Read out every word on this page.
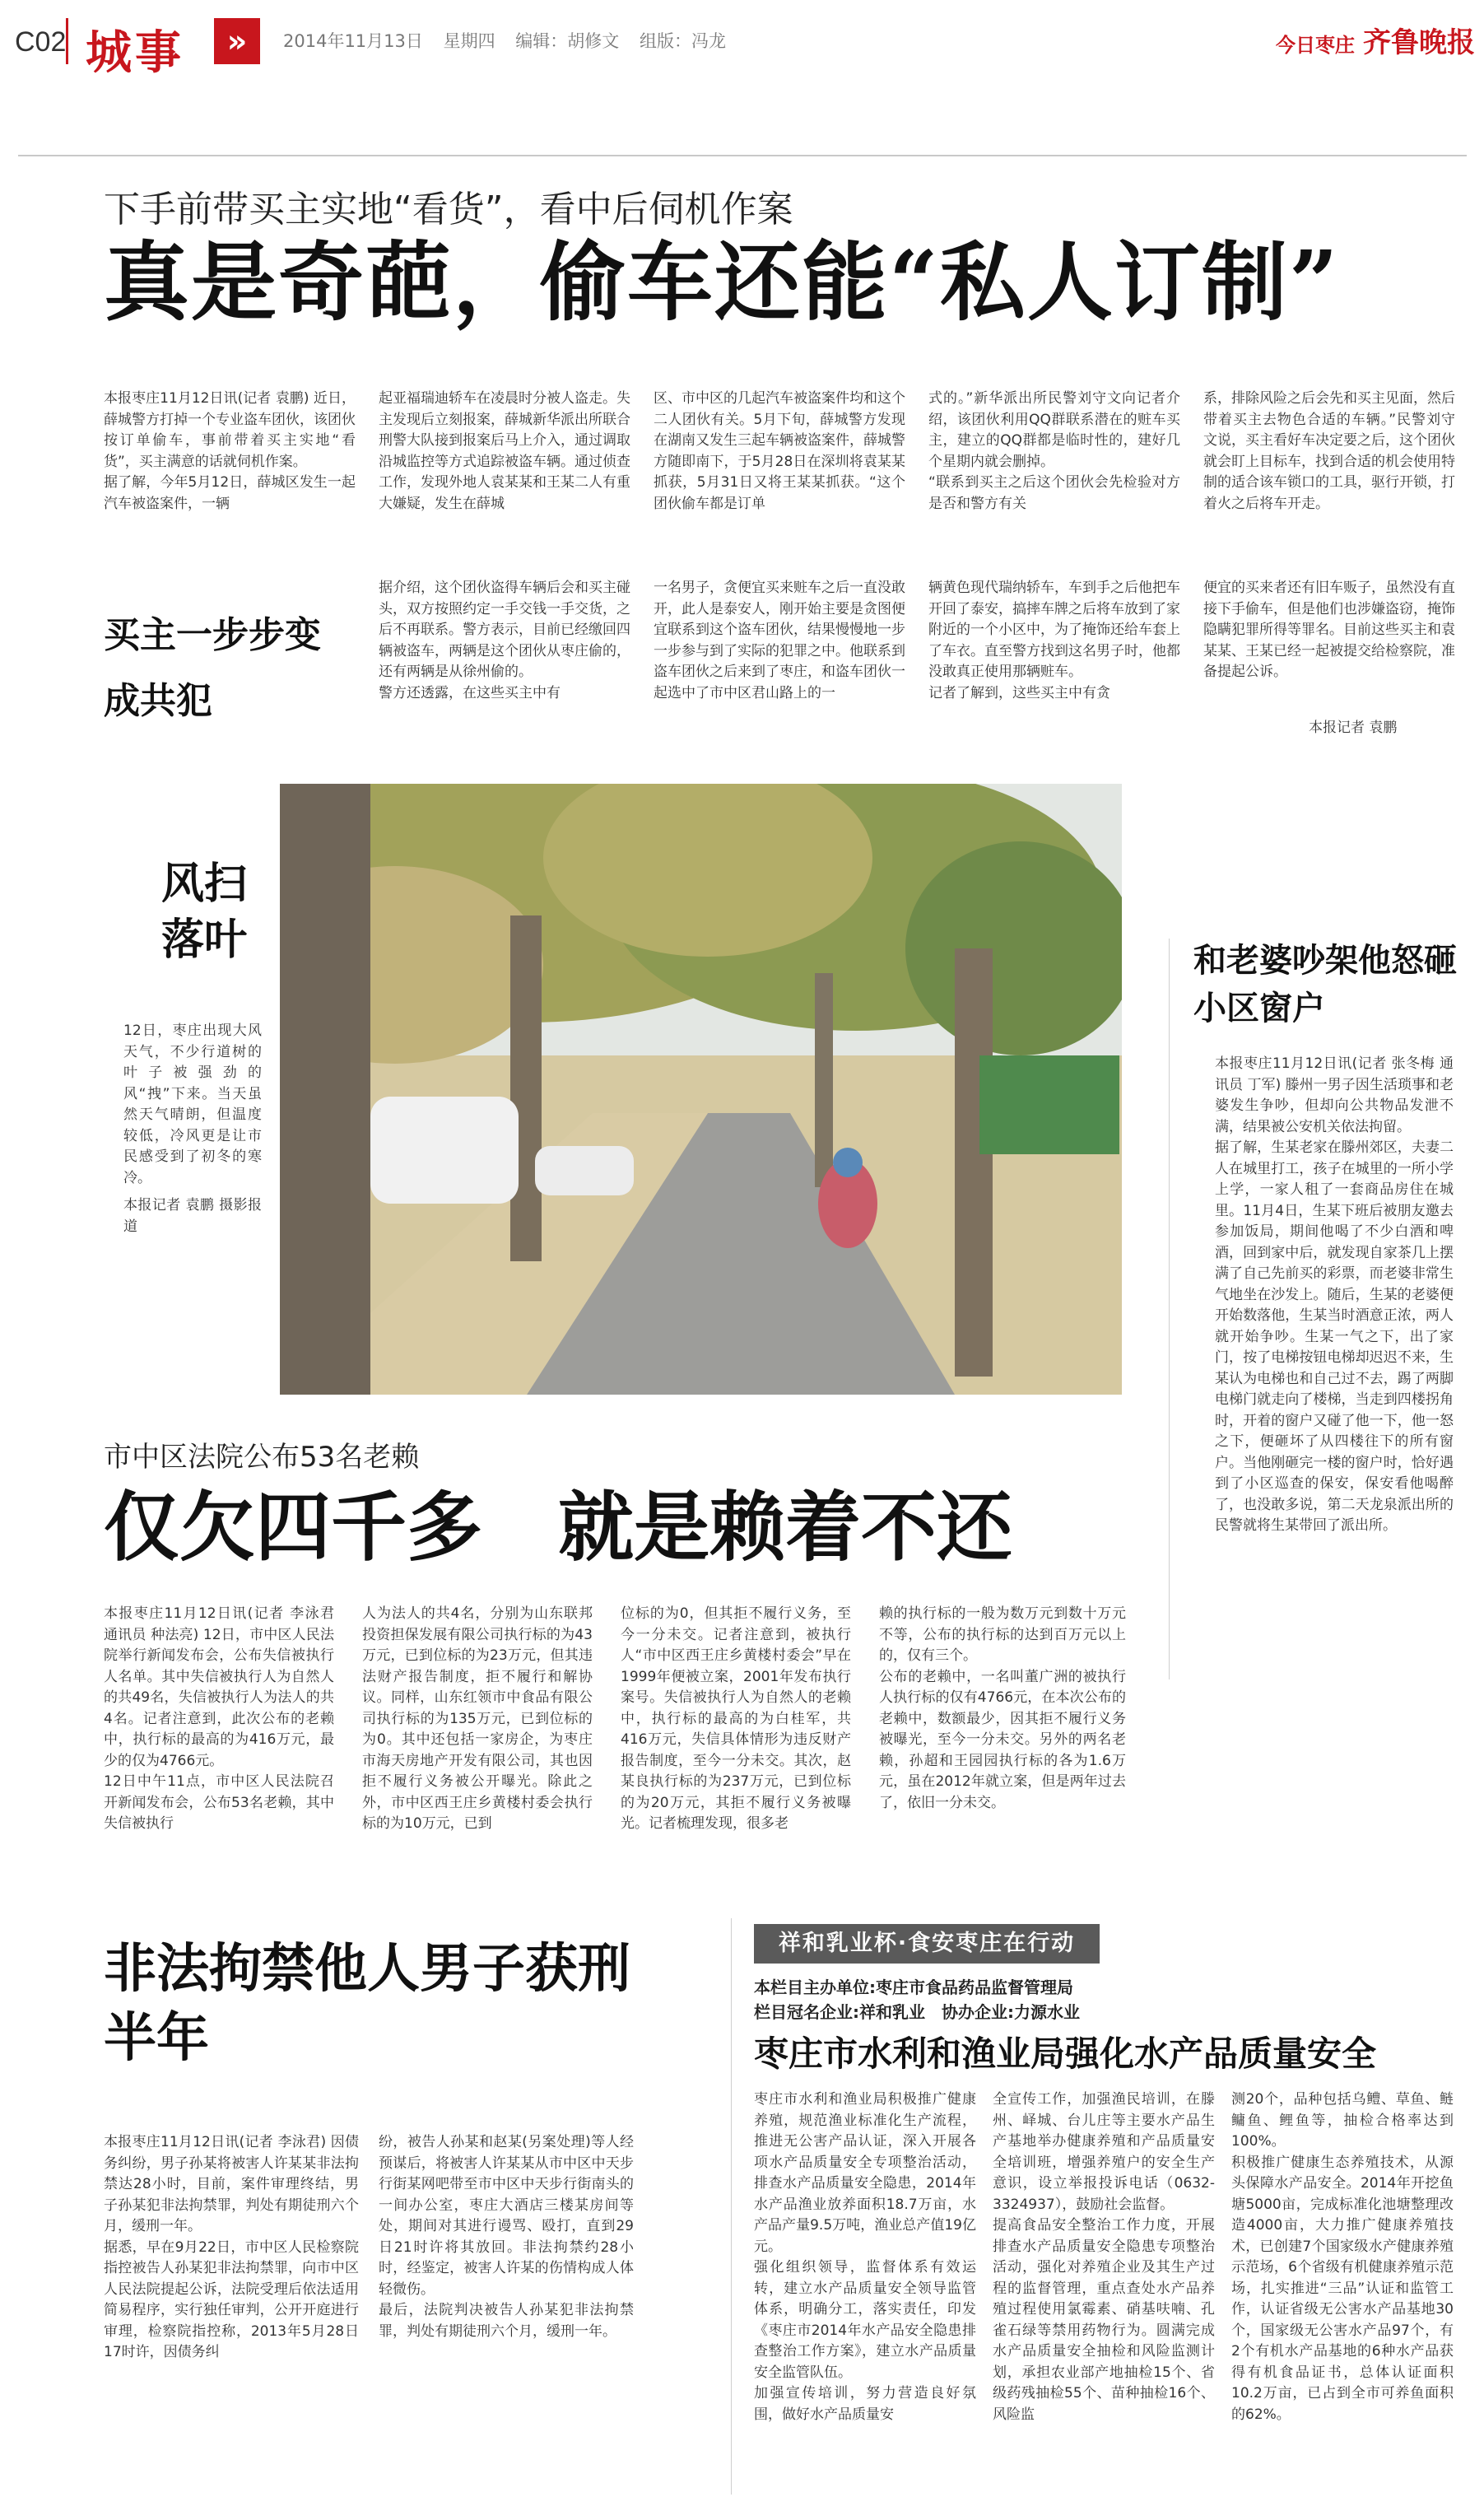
C02 城事	»	2014年11月13日 星期四 编辑：胡修文 组版：冯龙	今日枣庄 齐鲁晚报
下手前带买主实地“看货”，看中后伺机作案
真是奇葩，偷车还能“私人订制”
本报枣庄11月12日讯(记者 袁鹏) 近日，薛城警方打掉一个专业盗车团伙，该团伙按订单偷车，事前带着买主实地“看货”，买主满意的话就伺机作案。
据了解，今年5月12日，薛城区发生一起汽车被盗案件，一辆
起亚福瑞迪轿车在凌晨时分被人盗走。失主发现后立刻报案，薛城新华派出所联合刑警大队接到报案后马上介入，通过调取沿城监控等方式追踪被盗车辆。通过侦查工作，发现外地人袁某某和王某二人有重大嫌疑，发生在薛城
区、市中区的几起汽车被盗案件均和这个二人团伙有关。5月下旬，薛城警方发现在湖南又发生三起车辆被盗案件，薛城警方随即南下，于5月28日在深圳将袁某某抓获，5月31日又将王某某抓获。“这个团伙偷车都是订单
式的。”新华派出所民警刘守文向记者介绍，该团伙利用QQ群联系潜在的赃车买主，建立的QQ群都是临时性的，建好几个星期内就会删掉。
“联系到买主之后这个团伙会先检验对方是否和警方有关
系，排除风险之后会先和买主见面，然后带着买主去物色合适的车辆。”民警刘守文说，买主看好车决定要之后，这个团伙就会盯上目标车，找到合适的机会使用特制的适合该车锁口的工具，驱行开锁，打着火之后将车开走。
买主一步步变成共犯
据介绍，这个团伙盗得车辆后会和买主碰头，双方按照约定一手交钱一手交货，之后不再联系。警方表示，目前已经缴回四辆被盗车，两辆是这个团伙从枣庄偷的，还有两辆是从徐州偷的。
警方还透露，在这些买主中有
一名男子，贪便宜买来赃车之后一直没敢开，此人是泰安人，刚开始主要是贪图便宜联系到这个盗车团伙，结果慢慢地一步一步参与到了实际的犯罪之中。他联系到盗车团伙之后来到了枣庄，和盗车团伙一起选中了市中区君山路上的一
辆黄色现代瑞纳轿车，车到手之后他把车开回了泰安，搞摔车牌之后将车放到了家附近的一个小区中，为了掩饰还给车套上了车衣。直至警方找到这名男子时，他都没敢真正使用那辆赃车。
记者了解到，这些买主中有贪
便宜的买来者还有旧车贩子，虽然没有直接下手偷车，但是他们也涉嫌盗窃，掩饰隐瞒犯罪所得等罪名。目前这些买主和袁某某、王某已经一起被提交给检察院，准备提起公诉。
本报记者 袁鹏
风扫落叶
12日，枣庄出现大风天气，不少行道树的叶子被强劲的风“拽”下来。当天虽然天气晴朗，但温度较低，冷风更是让市民感受到了初冬的寒冷。
本报记者 袁鹏 摄影报道
和老婆吵架他怒砸小区窗户
本报枣庄11月12日讯(记者 张冬梅 通讯员 丁军) 滕州一男子因生活琐事和老婆发生争吵，但却向公共物品发泄不满，结果被公安机关依法拘留。
据了解，生某老家在滕州郊区，夫妻二人在城里打工，孩子在城里的一所小学上学，一家人租了一套商品房住在城里。11月4日，生某下班后被朋友邀去参加饭局，期间他喝了不少白酒和啤酒，回到家中后，就发现自家茶几上摆满了自己先前买的彩票，而老婆非常生气地坐在沙发上。随后，生某的老婆便开始数落他，生某当时酒意正浓，两人就开始争吵。生某一气之下，出了家门，按了电梯按钮电梯却迟迟不来，生某认为电梯也和自己过不去，踢了两脚电梯门就走向了楼梯，当走到四楼拐角时，开着的窗户又碰了他一下，他一怒之下，便砸坏了从四楼往下的所有窗户。当他刚砸完一楼的窗户时，恰好遇到了小区巡查的保安，保安看他喝醉了，也没敢多说，第二天龙泉派出所的民警就将生某带回了派出所。
市中区法院公布53名老赖
仅欠四千多　就是赖着不还
本报枣庄11月12日讯(记者 李泳君 通讯员 种法亮) 12日，市中区人民法院举行新闻发布会，公布失信被执行人名单。其中失信被执行人为自然人的共49名，失信被执行人为法人的共4名。记者注意到，此次公布的老赖中，执行标的最高的为416万元，最少的仅为4766元。
12日中午11点，市中区人民法院召开新闻发布会，公布53名老赖，其中失信被执行
人为法人的共4名，分别为山东联邦投资担保发展有限公司执行标的为43万元，已到位标的为23万元，但其违法财产报告制度，拒不履行和解协议。同样，山东红领市中食品有限公司执行标的为135万元，已到位标的为0。其中还包括一家房企，为枣庄市海天房地产开发有限公司，其也因拒不履行义务被公开曝光。除此之外，市中区西王庄乡黄楼村委会执行标的为10万元，已到
位标的为0，但其拒不履行义务，至今一分未交。记者注意到，被执行人“市中区西王庄乡黄楼村委会”早在1999年便被立案，2001年发布执行案号。失信被执行人为自然人的老赖中，执行标的最高的为白桂军，共416万元，失信具体情形为违反财产报告制度，至今一分未交。其次，赵某良执行标的为237万元，已到位标的为20万元，其拒不履行义务被曝光。记者梳理发现，很多老
赖的执行标的一般为数万元到数十万元不等，公布的执行标的达到百万元以上的，仅有三个。
公布的老赖中，一名叫董广洲的被执行人执行标的仅有4766元，在本次公布的老赖中，数额最少，因其拒不履行义务被曝光，至今一分未交。另外的两名老赖，孙超和王园园执行标的各为1.6万元，虽在2012年就立案，但是两年过去了，依旧一分未交。
非法拘禁他人男子获刑半年
本报枣庄11月12日讯(记者 李泳君) 因债务纠纷，男子孙某将被害人许某某非法拘禁达28小时，目前，案件审理终结，男子孙某犯非法拘禁罪，判处有期徒刑六个月，缓刑一年。
据悉，早在9月22日，市中区人民检察院指控被告人孙某犯非法拘禁罪，向市中区人民法院提起公诉，法院受理后依法适用简易程序，实行独任审判，公开开庭进行审理，检察院指控称，2013年5月28日17时许，因债务纠
纷，被告人孙某和赵某(另案处理)等人经预谋后，将被害人许某某从市中区中天步行街某网吧带至市中区中天步行街南头的一间办公室，枣庄大酒店三楼某房间等处，期间对其进行谩骂、殴打，直到29日21时许将其放回。非法拘禁约28小时，经鉴定，被害人许某的伤情构成人体轻微伤。
最后，法院判决被告人孙某犯非法拘禁罪，判处有期徒刑六个月，缓刑一年。
祥和乳业杯·食安枣庄在行动
本栏目主办单位:枣庄市食品药品监督管理局
栏目冠名企业:祥和乳业　协办企业:力源水业
枣庄市水利和渔业局强化水产品质量安全
枣庄市水利和渔业局积极推广健康养殖，规范渔业标准化生产流程，推进无公害产品认证，深入开展各项水产品质量安全专项整治活动，排查水产品质量安全隐患，2014年水产品渔业放养面积18.7万亩，水产品产量9.5万吨，渔业总产值19亿元。
强化组织领导，监督体系有效运转，建立水产品质量安全领导监管体系，明确分工，落实责任，印发《枣庄市2014年水产品安全隐患排查整治工作方案》，建立水产品质量安全监管队伍。
加强宣传培训，努力营造良好氛围，做好水产品质量安
全宣传工作，加强渔民培训，在滕州、峄城、台儿庄等主要水产品生产基地举办健康养殖和产品质量安全培训班，增强养殖户的安全生产意识，设立举报投诉电话（0632-3324937），鼓励社会监督。
提高食品安全整治工作力度，开展排查水产品质量安全隐患专项整治活动，强化对养殖企业及其生产过程的监督管理，重点查处水产品养殖过程使用氯霉素、硝基呋喃、孔雀石绿等禁用药物行为。圆满完成水产品质量安全抽检和风险监测计划，承担农业部产地抽检15个、省级药残抽检55个、苗种抽检16个、风险监
测20个，品种包括乌鳢、草鱼、鲢鳙鱼、鲤鱼等，抽检合格率达到100%。
积极推广健康生态养殖技术，从源头保障水产品安全。2014年开挖鱼塘5000亩，完成标准化池塘整理改造4000亩，大力推广健康养殖技术，已创建7个国家级水产健康养殖示范场，6个省级有机健康养殖示范场，扎实推进“三品”认证和监管工作，认证省级无公害水产品基地30个，国家级无公害水产品97个，有2个有机水产品基地的6种水产品获得有机食品证书，总体认证面积10.2万亩，已占到全市可养鱼面积的62%。
